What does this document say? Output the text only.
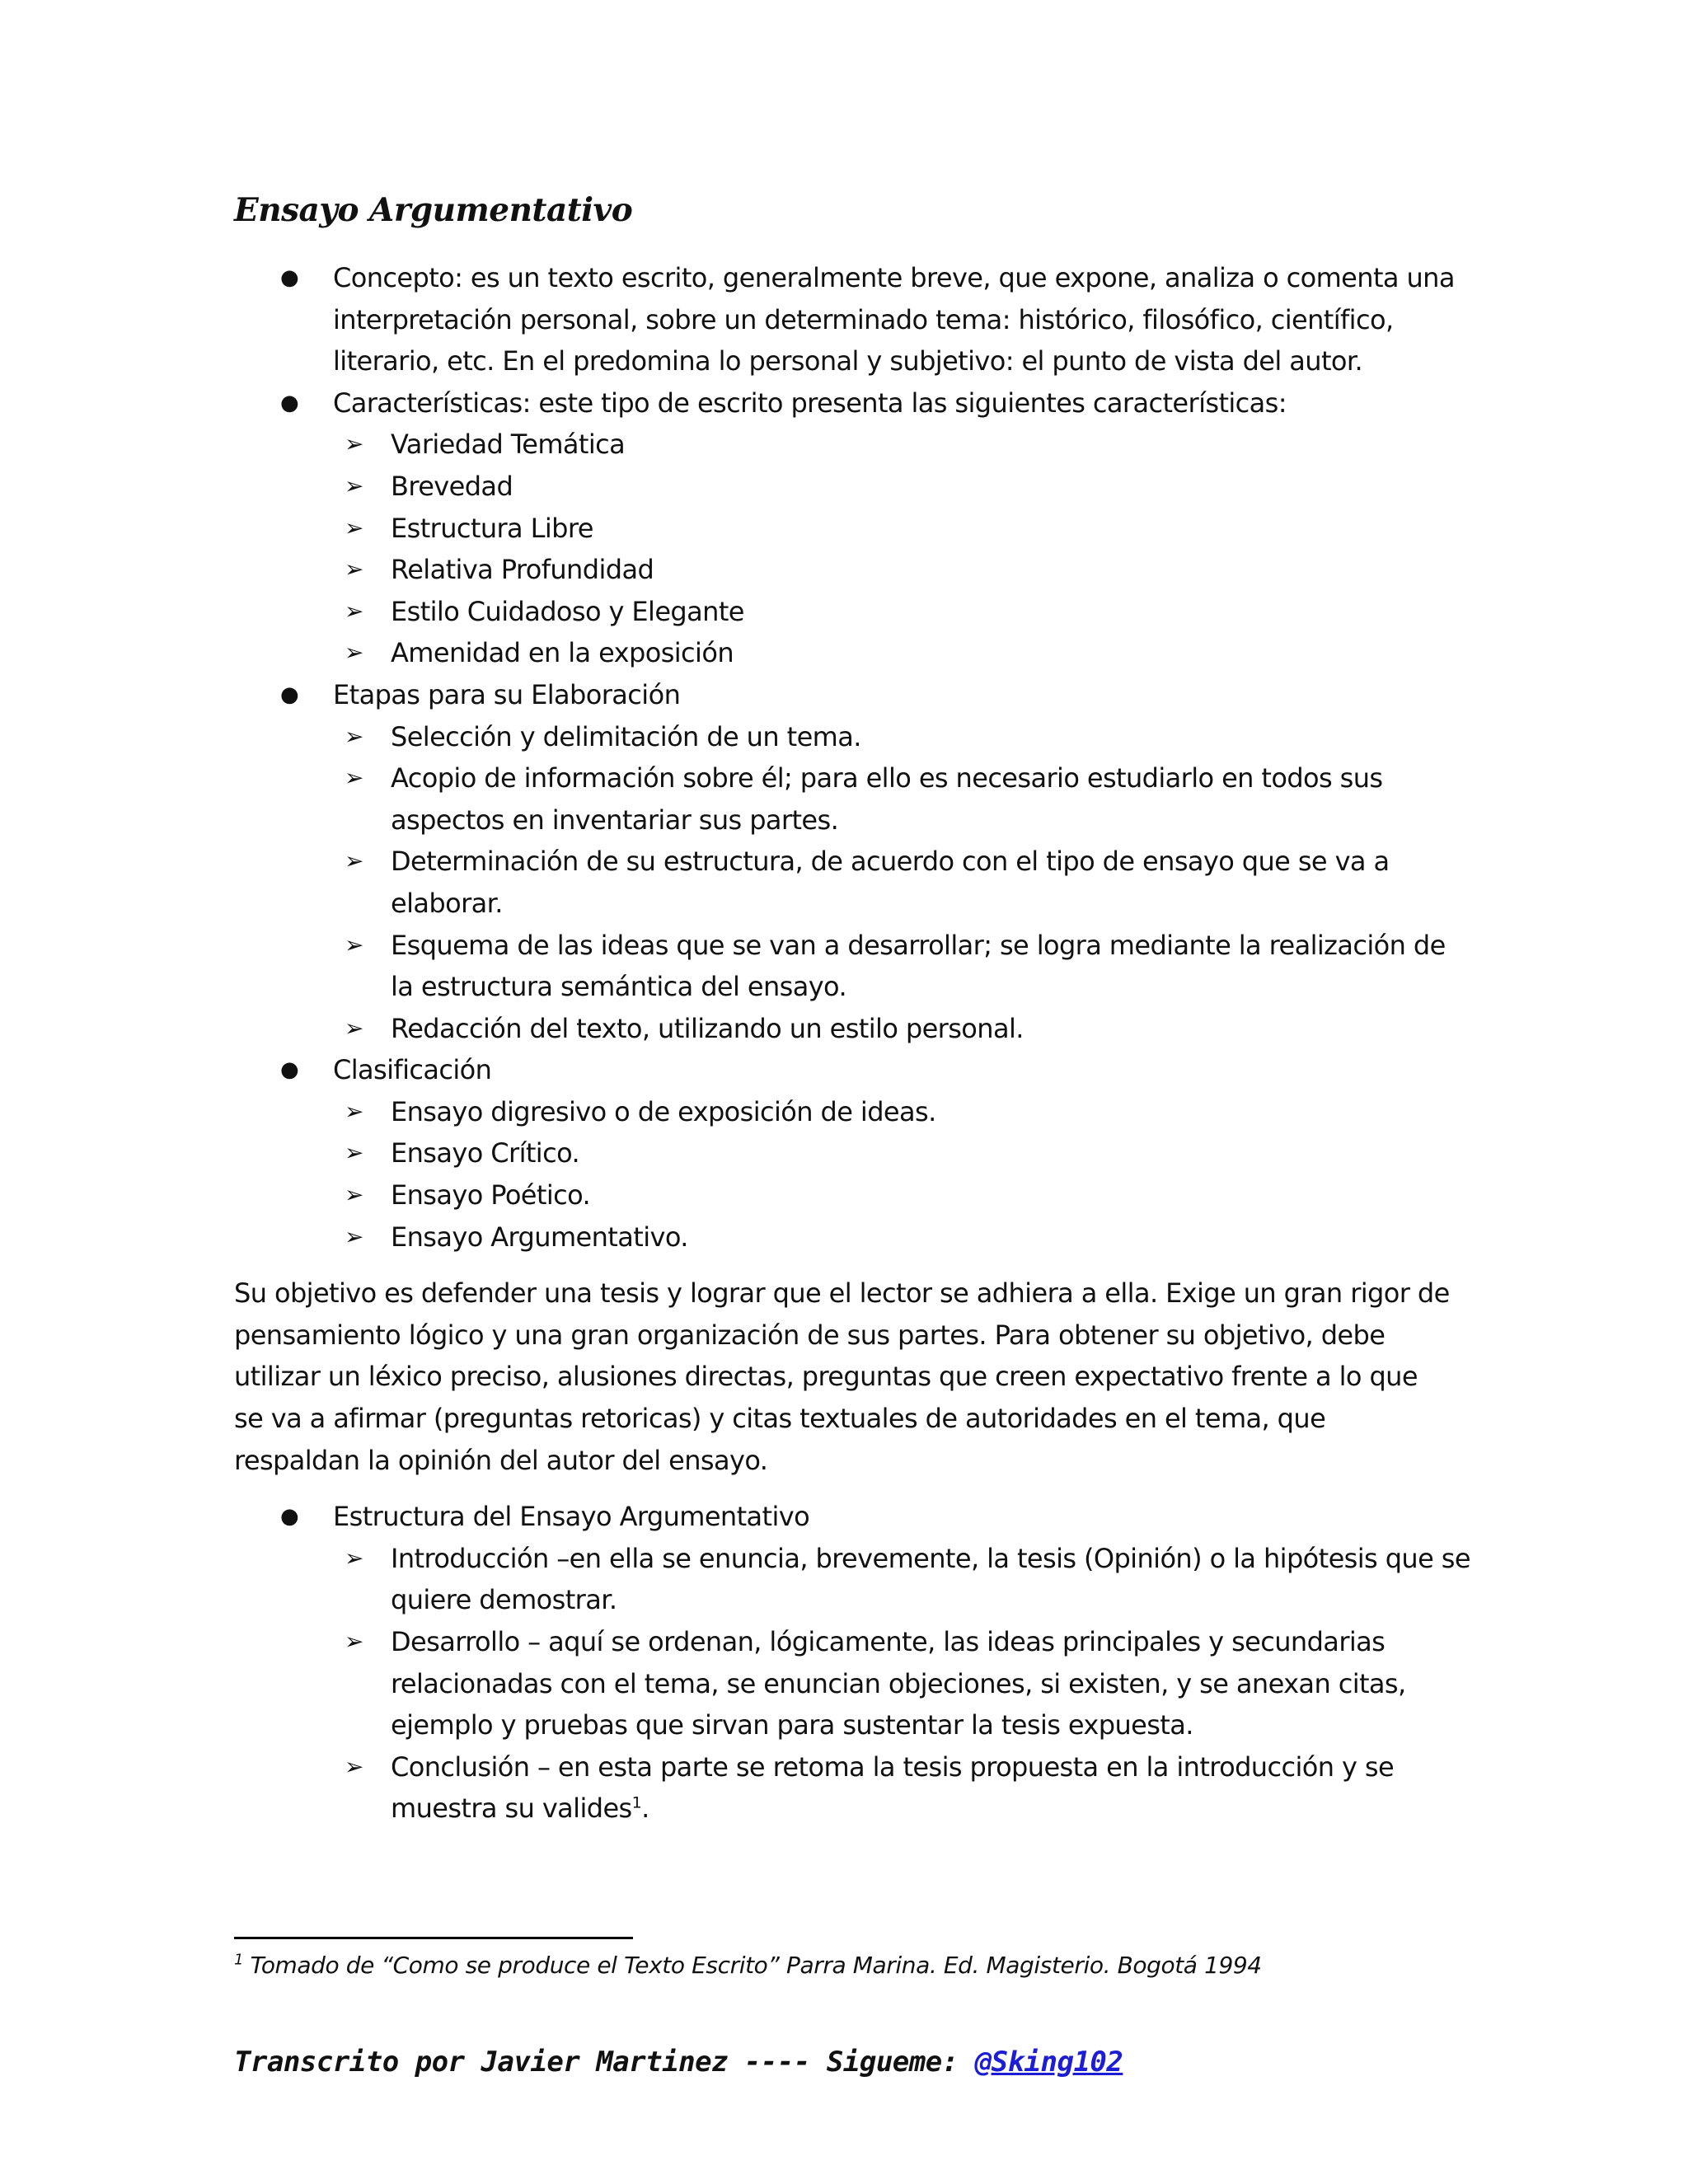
Ensayo Argumentativo
● Concepto: es un texto escrito, generalmente breve, que expone, analiza o comenta una interpretación personal, sobre un determinado tema: histórico, filosófico, científico, literario, etc. En el predomina lo personal y subjetivo: el punto de vista del autor.
● Características: este tipo de escrito presenta las siguientes características:
➢ Variedad Temática
➢ Brevedad
➢ Estructura Libre
➢ Relativa Profundidad
➢ Estilo Cuidadoso y Elegante
➢ Amenidad en la exposición
● Etapas para su Elaboración
➢ Selección y delimitación de un tema.
➢ Acopio de información sobre él; para ello es necesario estudiarlo en todos sus aspectos en inventariar sus partes.
➢ Determinación de su estructura, de acuerdo con el tipo de ensayo que se va a elaborar.
➢ Esquema de las ideas que se van a desarrollar; se logra mediante la realización de la estructura semántica del ensayo.
➢ Redacción del texto, utilizando un estilo personal.
● Clasificación
➢ Ensayo digresivo o de exposición de ideas.
➢ Ensayo Crítico.
➢ Ensayo Poético.
➢ Ensayo Argumentativo.

Su objetivo es defender una tesis y lograr que el lector se adhiera a ella. Exige un gran rigor de pensamiento lógico y una gran organización de sus partes. Para obtener su objetivo, debe utilizar un léxico preciso, alusiones directas, preguntas que creen expectativo frente a lo que se va a afirmar (preguntas retoricas) y citas textuales de autoridades en el tema, que respaldan la opinión del autor del ensayo.

● Estructura del Ensayo Argumentativo
➢ Introducción –en ella se enuncia, brevemente, la tesis (Opinión) o la hipótesis que se quiere demostrar.
➢ Desarrollo – aquí se ordenan, lógicamente, las ideas principales y secundarias relacionadas con el tema, se enuncian objeciones, si existen, y se anexan citas, ejemplo y pruebas que sirvan para sustentar la tesis expuesta.
➢ Conclusión – en esta parte se retoma la tesis propuesta en la introducción y se muestra su valides$^1$.
$^1$ Tomado de “Como se produce el Texto Escrito” Parra Marina. Ed. Magisterio. Bogotá 1994
Transcrito por Javier Martinez ---- Sigueme: @Sking102
